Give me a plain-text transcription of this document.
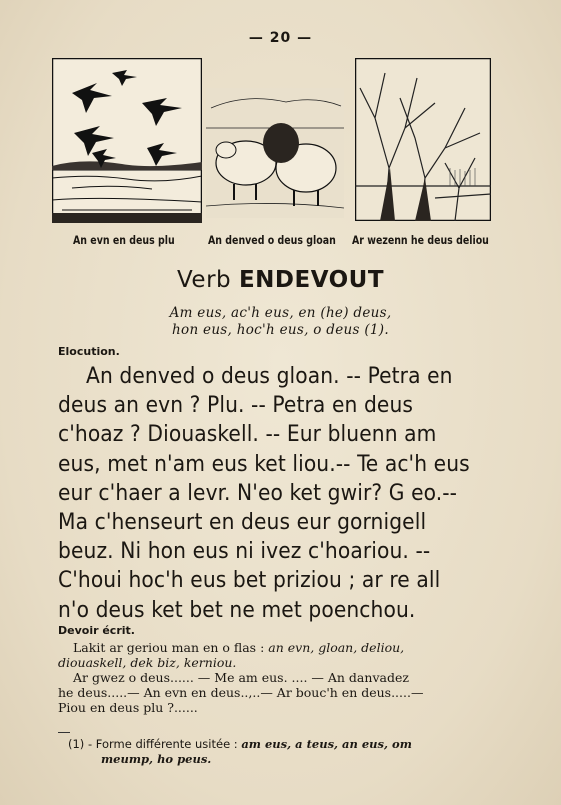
— 20 —
An evn en deus plu	An denved o deus gloan Ar wezenn he deus deliou
Verb ENDEVOUT
Am eus, ac'h eus, en (he) deus,
hon eus, hoc'h eus, o deus (1).
Elocution.
An denved o deus gloan. -- Petra en
deus an evn ? Plu. -- Petra en deus
c'hoaz ? Diouaskell. -- Eur bluenn am
eus, met n'am eus ket liou.-- Te ac'h eus
eur c'haer a levr. N'eo ket gwir? G eo.--
Ma c'henseurt en deus eur gornigell
beuz. Ni hon eus ni ivez c'hoariou. --
C'houi hoc'h eus bet priziou ; ar re all
n'o deus ket bet ne met poenchou.
Devoir écrit.
Lakit ar geriou man en o flas : an evn, gloan, deliou,
diouaskell, dek biz, kerniou.
Ar gwez o deus...... — Me am eus. .... — An danvadez
he deus.....— An evn en deus..,..— Ar bouc'h en deus.....—
Piou en deus plu ?......
(1) - Forme différente usitée : am eus, a teus, an eus, om
meump, ho peus.
